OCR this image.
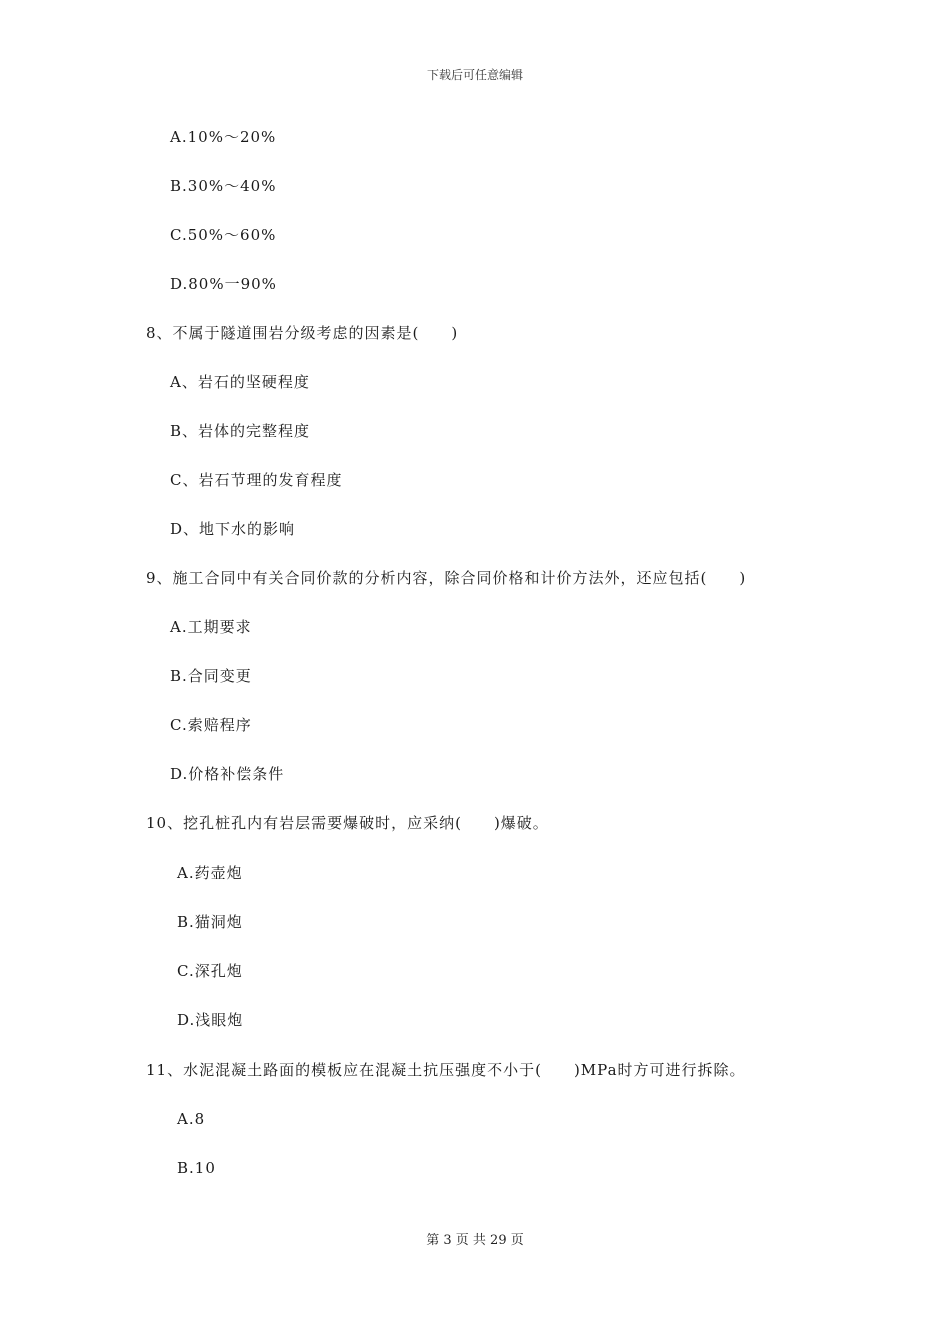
下载后可任意编辑
A.10%～20%
B.30%～40%
C.50%～60%
D.80%一90%
8、不属于隧道围岩分级考虑的因素是(　　)
A、岩石的坚硬程度
B、岩体的完整程度
C、岩石节理的发育程度
D、地下水的影响
9、施工合同中有关合同价款的分析内容，除合同价格和计价方法外，还应包括(　　)
A.工期要求
B.合同变更
C.索赔程序
D.价格补偿条件
10、挖孔桩孔内有岩层需要爆破时，应采纳(　　)爆破。
A.药壶炮
B.猫洞炮
C.深孔炮
D.浅眼炮
11、水泥混凝土路面的模板应在混凝土抗压强度不小于(　　)MPa时方可进行拆除。
A.8
B.10
第 3 页 共 29 页
